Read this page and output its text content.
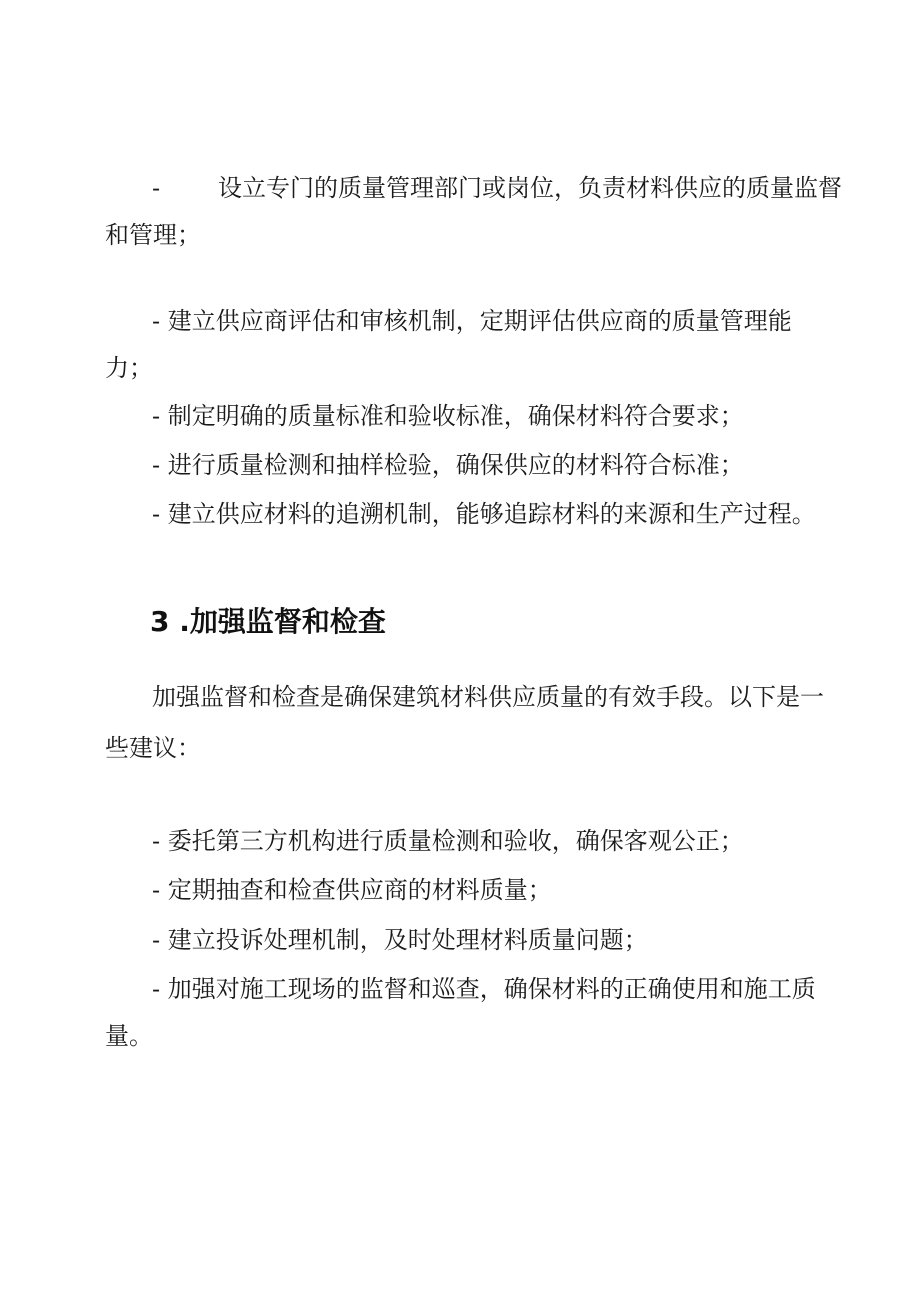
- 设立专门的质量管理部门或岗位，负责材料供应的质量监督
和管理；
- 建立供应商评估和审核机制，定期评估供应商的质量管理能
力；
- 制定明确的质量标准和验收标准，确保材料符合要求；
- 进行质量检测和抽样检验，确保供应的材料符合标准；
- 建立供应材料的追溯机制，能够追踪材料的来源和生产过程。
3 .加强监督和检查
加强监督和检查是确保建筑材料供应质量的有效手段。以下是一
些建议：
- 委托第三方机构进行质量检测和验收，确保客观公正；
- 定期抽查和检查供应商的材料质量；
- 建立投诉处理机制，及时处理材料质量问题；
- 加强对施工现场的监督和巡查，确保材料的正确使用和施工质
量。
